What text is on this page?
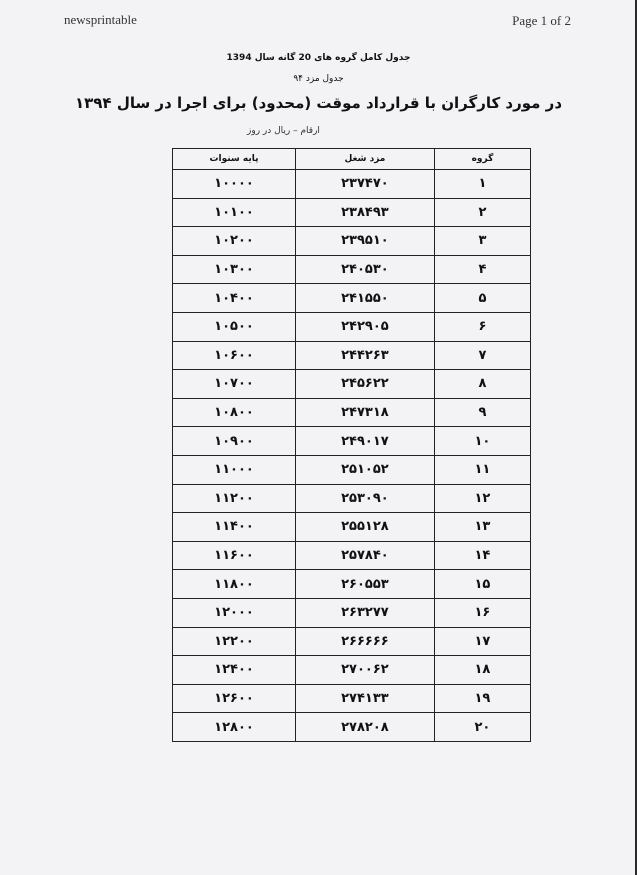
newsprintable	Page 1 of 2
جدول کامل گروه های 20 گانه سال 1394
جدول مزد ۹۴
در مورد کارگران با قرارداد موقت (محدود) برای اجرا در سال ۱۳۹۴
ارقام – ریال در روز
پایه سنوات	مزد شغل	گروه
۱۰۰۰۰	۲۳۷۴۷۰	۱
۱۰۱۰۰	۲۳۸۴۹۳	۲
۱۰۲۰۰	۲۳۹۵۱۰	۳
۱۰۳۰۰	۲۴۰۵۳۰	۴
۱۰۴۰۰	۲۴۱۵۵۰	۵
۱۰۵۰۰	۲۴۲۹۰۵	۶
۱۰۶۰۰	۲۴۴۲۶۳	۷
۱۰۷۰۰	۲۴۵۶۲۲	۸
۱۰۸۰۰	۲۴۷۳۱۸	۹
۱۰۹۰۰	۲۴۹۰۱۷	۱۰
۱۱۰۰۰	۲۵۱۰۵۲	۱۱
۱۱۲۰۰	۲۵۳۰۹۰	۱۲
۱۱۴۰۰	۲۵۵۱۲۸	۱۳
۱۱۶۰۰	۲۵۷۸۴۰	۱۴
۱۱۸۰۰	۲۶۰۵۵۳	۱۵
۱۲۰۰۰	۲۶۳۲۷۷	۱۶
۱۲۲۰۰	۲۶۶۶۶۶	۱۷
۱۲۴۰۰	۲۷۰۰۶۲	۱۸
۱۲۶۰۰	۲۷۴۱۳۳	۱۹
۱۲۸۰۰	۲۷۸۲۰۸	۲۰
